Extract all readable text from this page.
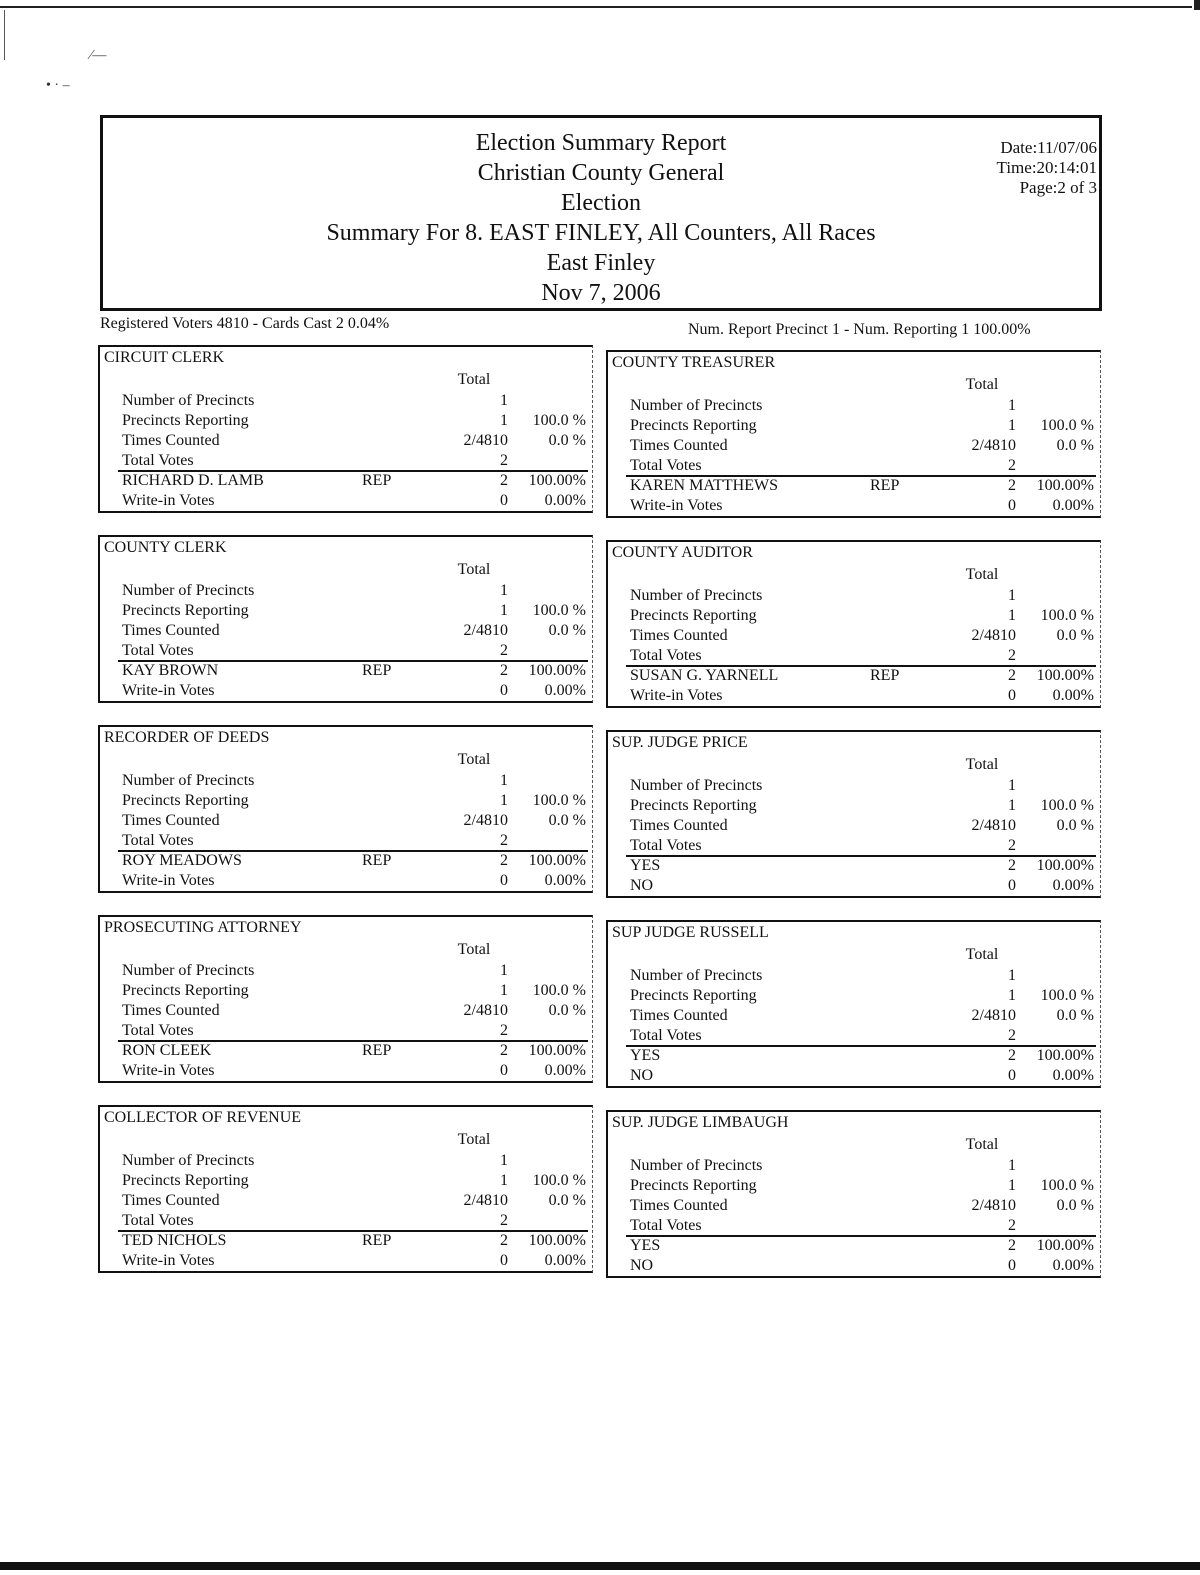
∕—
• · ‒
Election Summary Report
Christian County General
Election
Summary For 8. EAST FINLEY, All Counters, All Races
East Finley
Nov 7, 2006
Date:11/07/06
Time:20:14:01
Page:2 of 3
Registered Voters 4810 - Cards Cast 2 0.04%	Num. Report Precinct 1 - Num. Reporting 1 100.00%
CIRCUIT CLERK
Total
Number of Precincts	1
Precincts Reporting	1 100.0 %
Times Counted	2/4810	0.0 %
Total Votes	2
RICHARD D. LAMB	REP	2 100.00%
Write-in Votes	0 0.00%
COUNTY TREASURER
Total
Number of Precincts	1
Precincts Reporting	1 100.0 %
Times Counted	2/4810	0.0 %
Total Votes	2
KAREN MATTHEWS	REP	2 100.00%
Write-in Votes	0 0.00%
COUNTY CLERK
Total
Number of Precincts	1
Precincts Reporting	1 100.0 %
Times Counted	2/4810	0.0 %
Total Votes	2
KAY BROWN	REP	2 100.00%
Write-in Votes	0 0.00%
COUNTY AUDITOR
Total
Number of Precincts	1
Precincts Reporting	1 100.0 %
Times Counted	2/4810	0.0 %
Total Votes	2
SUSAN G. YARNELL	REP	2 100.00%
Write-in Votes	0 0.00%
RECORDER OF DEEDS
Total
Number of Precincts	1
Precincts Reporting	1 100.0 %
Times Counted	2/4810	0.0 %
Total Votes	2
ROY MEADOWS	REP	2 100.00%
Write-in Votes	0 0.00%
SUP. JUDGE PRICE
Total
Number of Precincts	1
Precincts Reporting	1 100.0 %
Times Counted	2/4810	0.0 %
Total Votes	2
YES	2 100.00%
NO	0 0.00%
PROSECUTING ATTORNEY
Total
Number of Precincts	1
Precincts Reporting	1 100.0 %
Times Counted	2/4810	0.0 %
Total Votes	2
RON CLEEK	REP	2 100.00%
Write-in Votes	0 0.00%
SUP JUDGE RUSSELL
Total
Number of Precincts	1
Precincts Reporting	1 100.0 %
Times Counted	2/4810	0.0 %
Total Votes	2
YES	2 100.00%
NO	0 0.00%
COLLECTOR OF REVENUE
Total
Number of Precincts	1
Precincts Reporting	1 100.0 %
Times Counted	2/4810	0.0 %
Total Votes	2
TED NICHOLS	REP	2 100.00%
Write-in Votes	0 0.00%
SUP. JUDGE LIMBAUGH
Total
Number of Precincts	1
Precincts Reporting	1 100.0 %
Times Counted	2/4810	0.0 %
Total Votes	2
YES	2 100.00%
NO	0 0.00%
